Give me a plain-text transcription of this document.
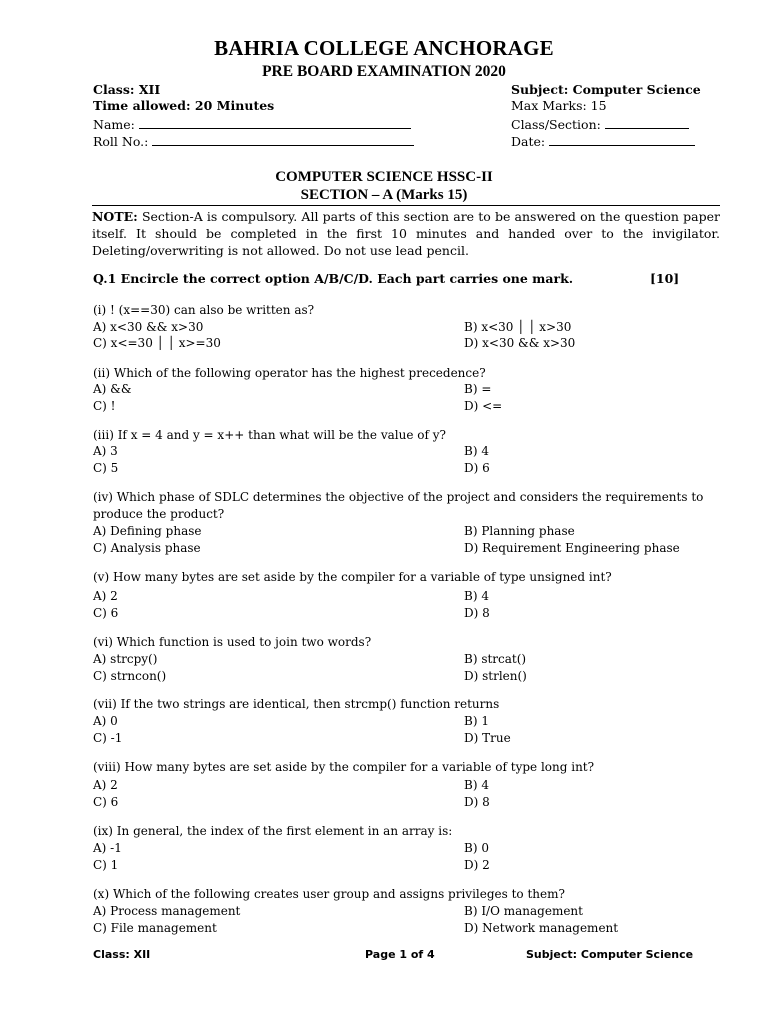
BAHRIA COLLEGE ANCHORAGE
PRE BOARD EXAMINATION 2020
Class: XII
Time allowed: 20 Minutes
Name:
Roll No.:
Subject: Computer Science
Max Marks: 15
Class/Section:
Date:
COMPUTER SCIENCE HSSC-II
SECTION – A (Marks 15)
NOTE: Section-A is compulsory. All parts of this section are to be answered on the question paper itself. It should be completed in the first 10 minutes and handed over to the invigilator. Deleting/overwriting is not allowed. Do not use lead pencil.
Q.1 Encircle the correct option A/B/C/D. Each part carries one mark.	[10]
(i) ! (x==30) can also be written as?
A) x<30 && x>30	B) x<30 │ │ x>30
C) x<=30 │ │ x>=30	D) x<30 && x>30
(ii) Which of the following operator has the highest precedence?
A) &&	B) =
C) !	D) <=
(iii) If x = 4 and y = x++ than what will be the value of y?
A) 3	B) 4
C) 5	D) 6
(iv) Which phase of SDLC determines the objective of the project and considers the requirements to
produce the product?
A) Defining phase	B) Planning phase
C) Analysis phase	D) Requirement Engineering phase
(v) How many bytes are set aside by the compiler for a variable of type unsigned int?
A) 2	B) 4
C) 6	D) 8
(vi) Which function is used to join two words?
A) strcpy()	B) strcat()
C) strncon()	D) strlen()
(vii) If the two strings are identical, then strcmp() function returns
A) 0	B) 1
C) -1	D) True
(viii) How many bytes are set aside by the compiler for a variable of type long int?
A) 2	B) 4
C) 6	D) 8
(ix) In general, the index of the first element in an array is:
A) -1	B) 0
C) 1	D) 2
(x) Which of the following creates user group and assigns privileges to them?
A) Process management	B) I/O management
C) File management	D) Network management
Class: XII	Page 1 of 4	Subject: Computer Science
